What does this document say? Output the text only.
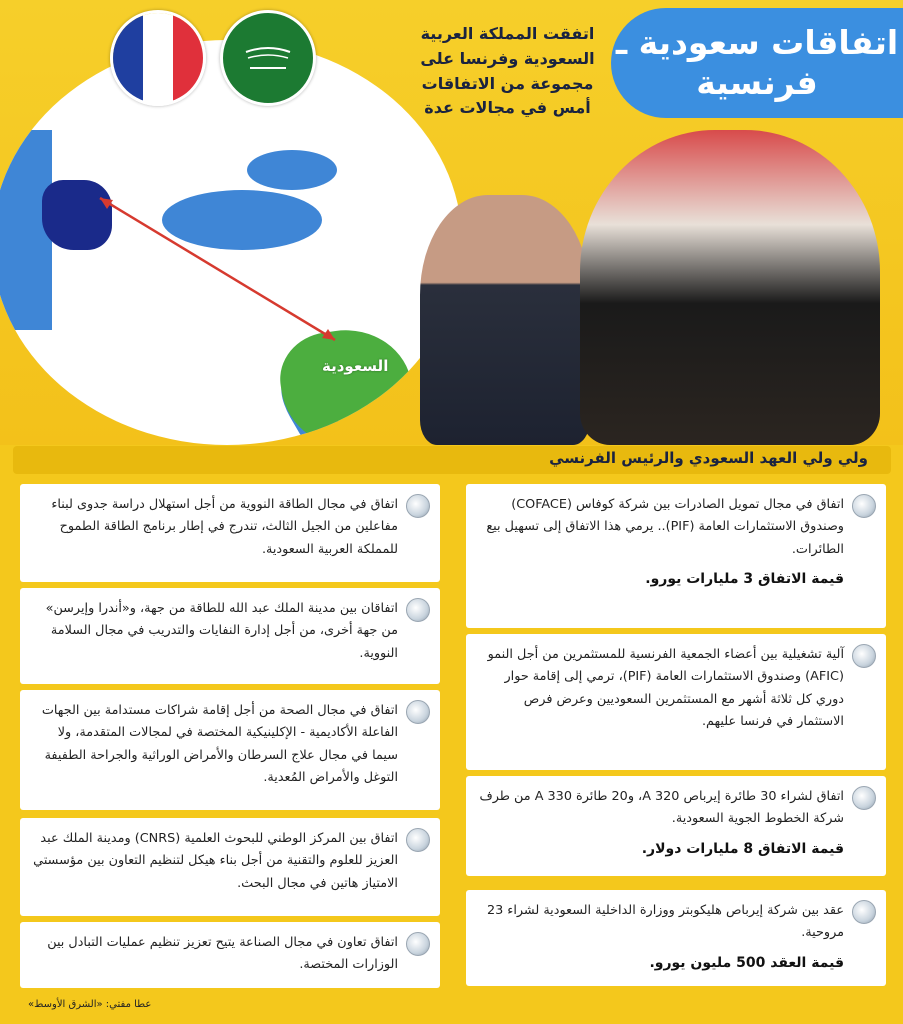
فرنسا
السعودية
اتفاقات سعودية ـ
فرنسية
اتفقت المملكة العربية السعودية وفرنسا على مجموعة من الاتفاقات أمس في مجالات عدة
ولي ولي العهد السعودي والرئيس الفرنسي
اتفاق في مجال تمويل الصادرات بين شركة كوفاس (COFACE) وصندوق الاستثمارات العامة (PIF).. يرمي هذا الاتفاق إلى تسهيل بيع الطائرات.
قيمة الاتفاق 3 مليارات يورو.
آلية تشغيلية بين أعضاء الجمعية الفرنسية للمستثمرين من أجل النمو (AFIC) وصندوق الاستثمارات العامة (PIF)، ترمي إلى إقامة حوار دوري كل ثلاثة أشهر مع المستثمرين السعوديين وعرض فرص الاستثمار في فرنسا عليهم.
اتفاق لشراء 30 طائرة إيرباص A 320، و20 طائرة A 330 من طرف شركة الخطوط الجوية السعودية.
قيمة الاتفاق 8 مليارات دولار.
عقد بين شركة إيرباص هليكوبتر ووزارة الداخلية السعودية لشراء 23 مروحية.
قيمة العقد 500 مليون يورو.
اتفاق في مجال الطاقة النووية من أجل استهلال دراسة جدوى لبناء مفاعلين من الجيل الثالث، تندرج في إطار برنامج الطاقة الطموح للمملكة العربية السعودية.
اتفاقان بين مدينة الملك عبد الله للطاقة من جهة، و«أندرا وإيرسن» من جهة أخرى، من أجل إدارة النفايات والتدريب في مجال السلامة النووية.
اتفاق في مجال الصحة من أجل إقامة شراكات مستدامة بين الجهات الفاعلة الأكاديمية - الإكلينيكية المختصة في لمجالات المتقدمة، ولا سيما في مجال علاج السرطان والأمراض الوراثية والجراحة الطفيفة التوغل والأمراض المُعدية.
اتفاق بين المركز الوطني للبحوث العلمية (CNRS) ومدينة الملك عبد العزيز للعلوم والتقنية من أجل بناء هيكل لتنظيم التعاون بين مؤسستي الامتياز هاتين في مجال البحث.
اتفاق تعاون في مجال الصناعة يتيح تعزيز تنظيم عمليات التبادل بين الوزارات المختصة.
عطا مفتي: «الشرق الأوسط»
